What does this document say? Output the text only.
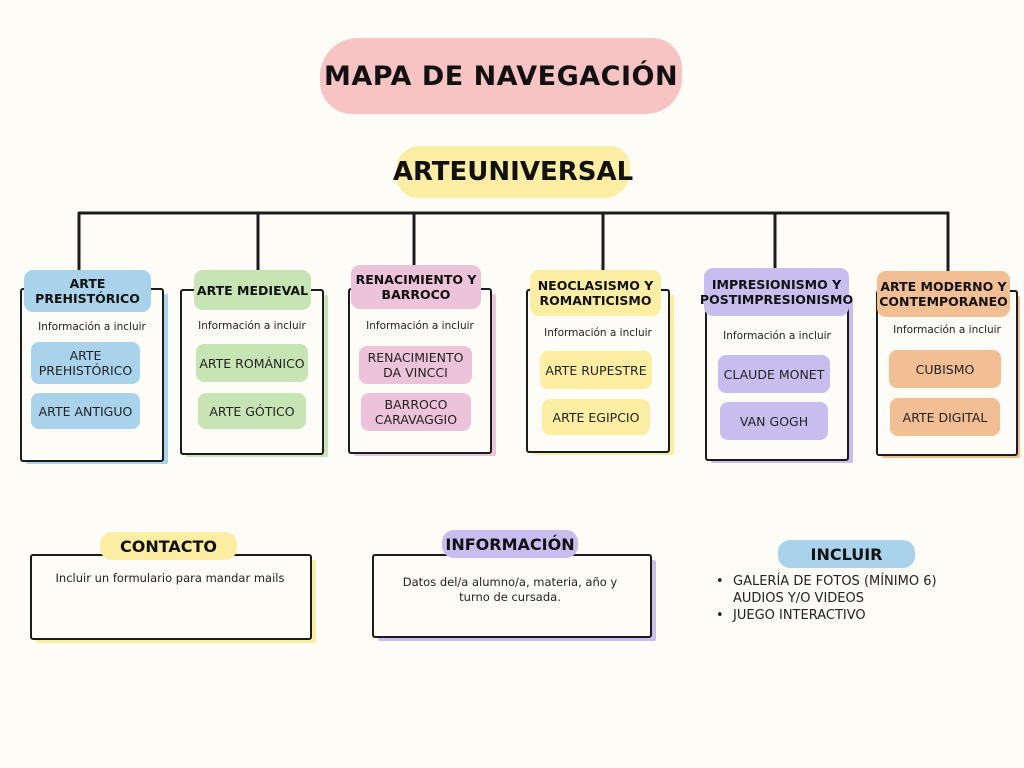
MAPA DE NAVEGACIÓN
ARTEUNIVERSAL
Información a incluir
ARTE PREHISTÓRICO
ARTE PREHISTÓRICO
ARTE ANTIGUO
Información a incluir
ARTE MEDIEVAL
ARTE ROMÁNICO
ARTE GÓTICO
Información a incluir
RENACIMIENTO Y BARROCO
RENACIMIENTO DA VINCCI
BARROCO CARAVAGGIO
Información a incluir
NEOCLASISMO Y ROMANTICISMO
ARTE RUPESTRE
ARTE EGIPCIO
Información a incluir
IMPRESIONISMO Y POSTIMPRESIONISMO
CLAUDE MONET
VAN GOGH
Información a incluir
ARTE MODERNO Y CONTEMPORANEO
CUBISMO
ARTE DIGITAL
CONTACTO
Incluir un formulario para mandar mails
INFORMACIÓN
Datos del/a alumno/a, materia, año y turno de cursada.
INCLUIR
• GALERÍA DE FOTOS (MÍNIMO 6)
AUDIOS Y/O VIDEOS
• JUEGO INTERACTIVO
